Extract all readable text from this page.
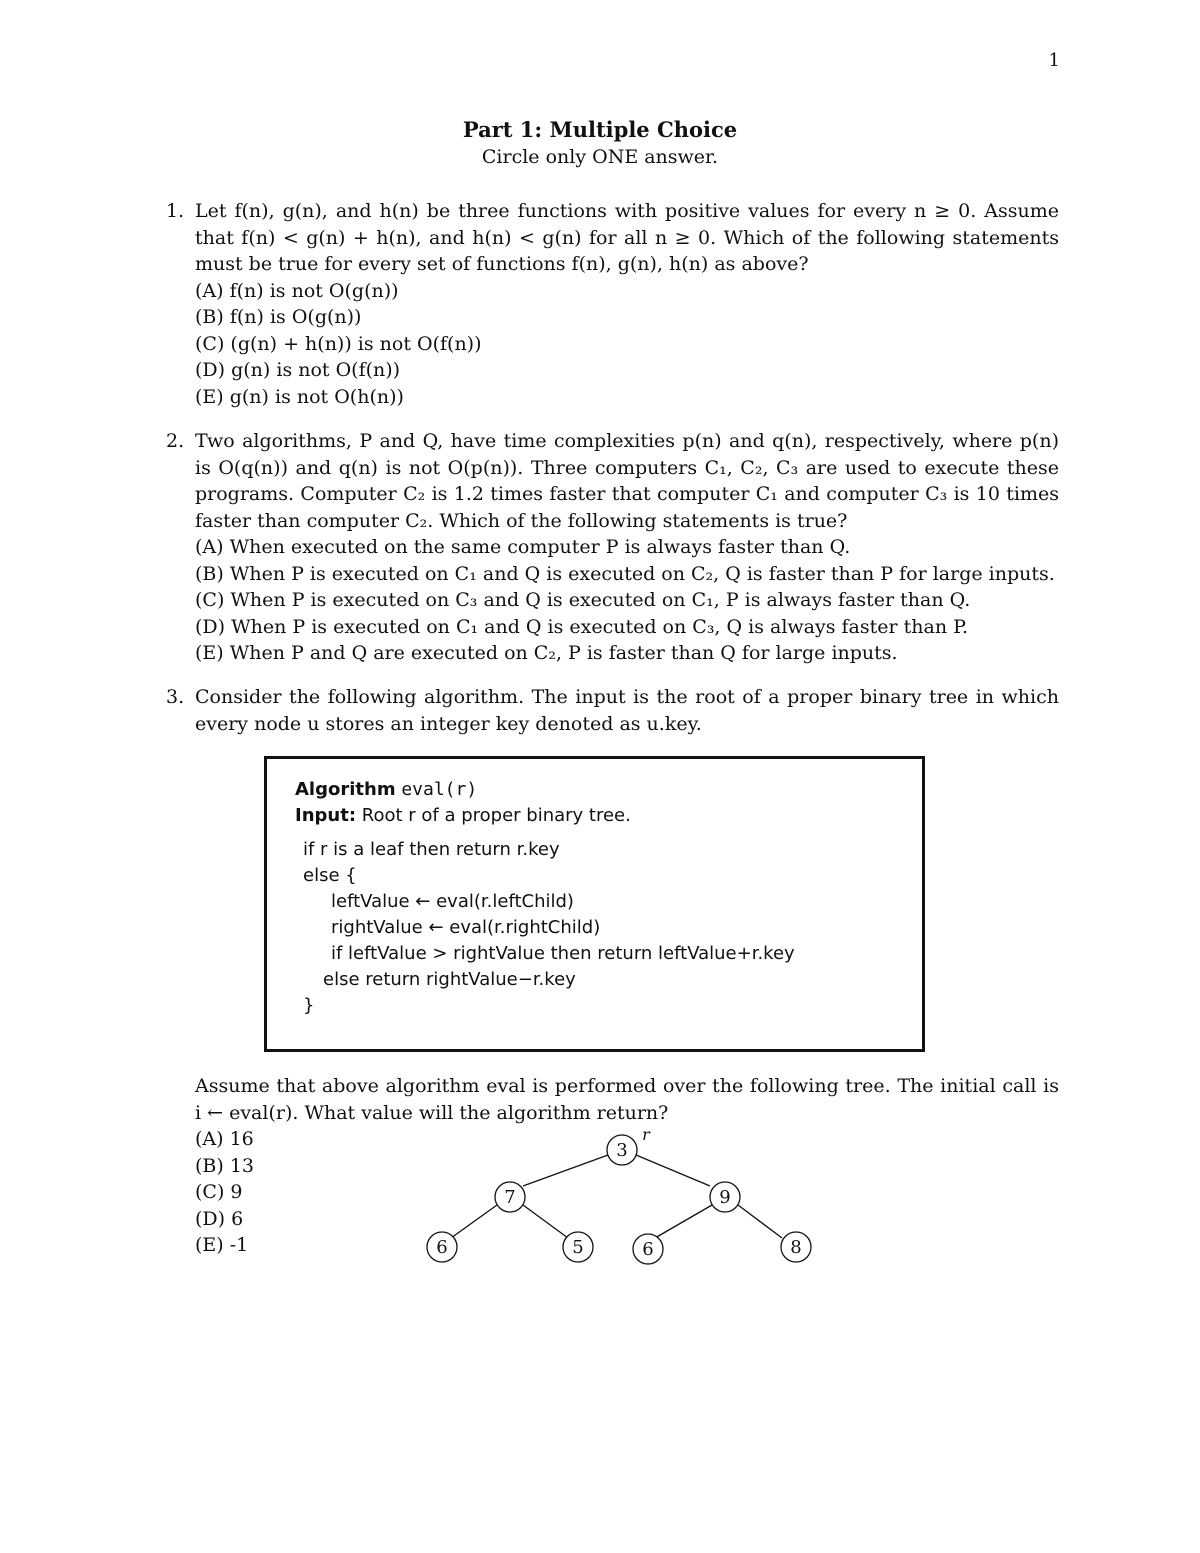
1
Part 1: Multiple Choice
Circle only ONE answer.
1. Let f(n), g(n), and h(n) be three functions with positive values for every n ≥ 0. Assume that f(n) < g(n) + h(n), and h(n) < g(n) for all n ≥ 0. Which of the following statements must be true for every set of functions f(n), g(n), h(n) as above?

(A) f(n) is not O(g(n))
(B) f(n) is O(g(n))
(C) (g(n) + h(n)) is not O(f(n))
(D) g(n) is not O(f(n))
(E) g(n) is not O(h(n))
2. Two algorithms, P and Q, have time complexities p(n) and q(n), respectively, where p(n) is O(q(n)) and q(n) is not O(p(n)). Three computers C₁, C₂, C₃ are used to execute these programs. Computer C₂ is 1.2 times faster that computer C₁ and computer C₃ is 10 times faster than computer C₂. Which of the following statements is true?

(A) When executed on the same computer P is always faster than Q.
(B) When P is executed on C₁ and Q is executed on C₂, Q is faster than P for large inputs.
(C) When P is executed on C₃ and Q is executed on C₁, P is always faster than Q.
(D) When P is executed on C₁ and Q is executed on C₃, Q is always faster than P.
(E) When P and Q are executed on C₂, P is faster than Q for large inputs.
3. Consider the following algorithm. The input is the root of a proper binary tree in which every node u stores an integer key denoted as u.key.

Algorithm eval(r)
Input: Root r of a proper binary tree.
if r is a leaf then return r.key
else {
leftValue ← eval(r.leftChild)
rightValue ← eval(r.rightChild)
if leftValue > rightValue then return leftValue+r.key
else return rightValue−r.key
}

Assume that above algorithm eval is performed over the following tree. The initial call is i ← eval(r). What value will the algorithm return?

(A) 16
(B) 13
(C) 9
(D) 6
(E) -1
3
7	9
6	5	6	8
r
